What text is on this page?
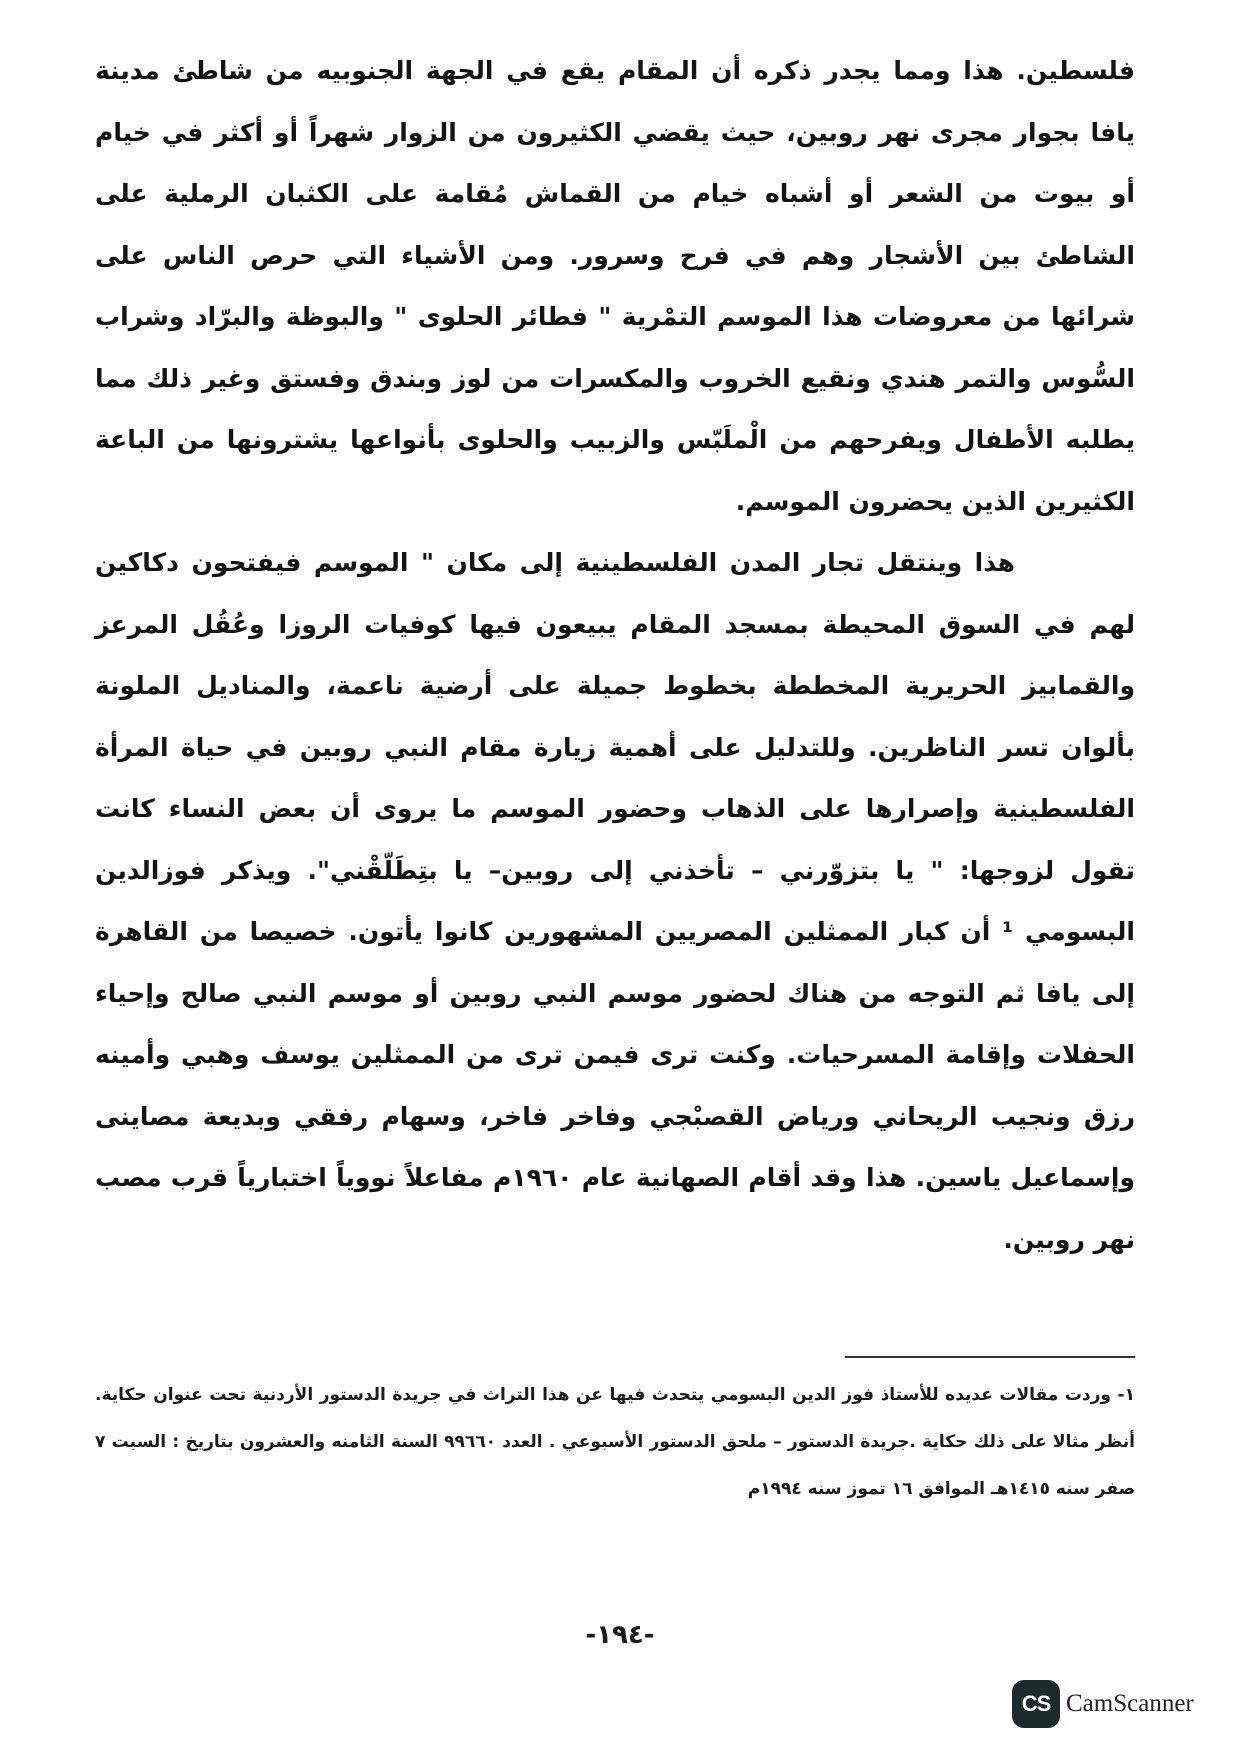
فلسطين. هذا ومما يجدر ذكره أن المقام يقع في الجهة الجنوبيه من شاطئ مدينة يافا بجوار مجرى نهر روبين، حيث يقضي الكثيرون من الزوار شهراً أو أكثر في خيام أو بيوت من الشعر أو أشباه خيام من القماش مُقامة على الكثبان الرملية على الشاطئ بين الأشجار وهم في فرح وسرور. ومن الأشياء التي حرص الناس على شرائها من معروضات هذا الموسم التمْرية " فطائر الحلوى " والبوظة والبرّاد وشراب السُّوس والتمر هندي ونقيع الخروب والمكسرات من لوز وبندق وفستق وغير ذلك مما يطلبه الأطفال ويفرحهم من الْملَبّس والزبيب والحلوى بأنواعها يشترونها من الباعة الكثيرين الذين يحضرون الموسم.

هذا وينتقل تجار المدن الفلسطينية إلى مكان " الموسم فيفتحون دكاكين لهم في السوق المحيطة بمسجد المقام يبيعون فيها كوفيات الروزا وعُقُل المرعز والقمابيز الحريرية المخططة بخطوط جميلة على أرضية ناعمة، والمناديل الملونة بألوان تسر الناظرين. وللتدليل على أهمية زيارة مقام النبي روبين في حياة المرأة الفلسطينية وإصرارها على الذهاب وحضور الموسم ما يروى أن بعض النساء كانت تقول لزوجها: " يا بتزوّرني – تأخذني إلى روبين– يا بتِطَلّقْني". ويذكر فوزالدين البسومي ¹ أن كبار الممثلين المصريين المشهورين كانوا يأتون. خصيصا من القاهرة إلى يافا ثم التوجه من هناك لحضور موسم النبي روبين أو موسم النبي صالح وإحياء الحفلات وإقامة المسرحيات. وكنت ترى فيمن ترى من الممثلين يوسف وهبي وأمينه رزق ونجيب الريحاني ورياض القصبْجي وفاخر فاخر، وسهام رفقي وبديعة مصاينى وإسماعيل ياسين. هذا وقد أقام الصهانية عام ١٩٦٠م مفاعلاً نووياً اختبارياً قرب مصب نهر روبين.

١- وردت مقالات عديده للأستاذ فوز الدين البسومي يتحدث فيها عن هذا التراث في جريدة الدستور الأردنية تحت عنوان حكاية. أنظر مثالا على ذلك حكاية .جريدة الدستور – ملحق الدستور الأسبوعي . العدد ٩٩٦٦٠ السنة الثامنه والعشرون بتاريخ : السبت ٧ صفر سنه ١٤١٥هـ الموافق ١٦ تموز سنه ١٩٩٤م

-١٩٤-
CS CamScanner
